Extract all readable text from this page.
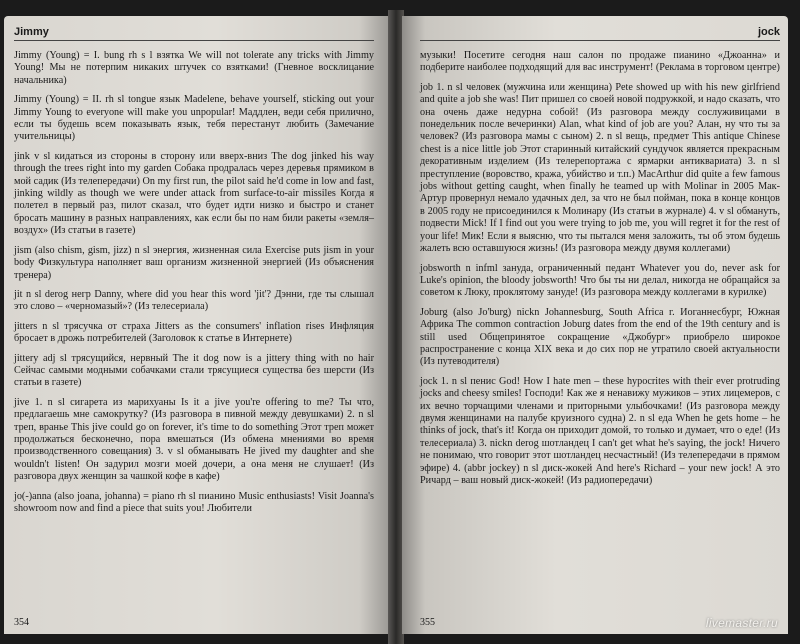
Jimmy

Jimmy (Young) = I. bung rh s l взятка We will not tolerate any tricks with Jimmy Young! Мы не потерпим никаких штучек со взятками! (Гневное восклицание начальника)

Jimmy (Young) = II. rh sl tongue язык Madelene, behave yourself, sticking out your Jimmy Young to everyone will make you unpopular! Маддлен, веди себя прилично, если ты будешь всем показывать язык, тебя перестанут любить (Замечание учительницы)

jink v sl кидаться из стороны в сторону или вверх-вниз The dog jinked his way through the trees right into my garden Собака продралась через деревья прямиком в мой садик (Из телепередачи) On my first run, the pilot said he'd come in low and fast, jinking wildly as though we were under attack from surface-to-air missiles Когда я полетел в первый раз, пилот сказал, что будет идти низко и быстро и станет бросать машину в разных направлениях, как если бы по нам били ракеты «земля–воздух» (Из статьи в газете)

jism (also chism, gism, jizz) n sl энергия, жизненная сила Exercise puts jism in your body Физкультура наполняет ваш организм жизненной энергией (Из объяснения тренера)

jit n sl derog негр Danny, where did you hear this word 'jit'? Дэнни, где ты слышал это слово – «черномазый»? (Из телесериала)

jitters n sl трясучка от страха Jitters as the consumers' inflation rises Инфляция бросает в дрожь потребителей (Заголовок к статье в Интернете)

jittery adj sl трясущийся, нервный The it dog now is a jittery thing with no hair Сейчас самыми модными собачками стали трясущиеся существа без шерсти (Из статьи в газете)

jive 1. n sl сигарета из марихуаны Is it a jive you're offering to me? Ты что, предлагаешь мне самокрутку? (Из разговора в пивной между девушками) 2. n sl треп, вранье This jive could go on forever, it's time to do something Этот треп может продолжаться бесконечно, пора вмешаться (Из обмена мнениями во время производственного совещания) 3. v sl обманывать He jived my daughter and she wouldn't listen! Он задурил мозги моей дочери, а она меня не слушает! (Из разговора двух женщин за чашкой кофе в кафе)

jo(-)anna (also joana, johanna) = piano rh sl пианино Music enthusiasts! Visit Joanna's showroom now and find a piece that suits you! Любители

354
jock

музыки! Посетите сегодня наш салон по продаже пианино «Джоанна» и подберите наиболее подходящий для вас инструмент! (Реклама в торговом центре)

job 1. n sl человек (мужчина или женщина) Pete showed up with his new girlfriend and quite a job she was! Пит пришел со своей новой подружкой, и надо сказать, что она очень даже недурна собой! (Из разговора между сослуживицами в понедельник после вечеринки) Alan, what kind of job are you? Алан, ну что ты за человек? (Из разговора мамы с сыном) 2. n sl вещь, предмет This antique Chinese chest is a nice little job Этот старинный китайский сундучок является прекрасным декоративным изделием (Из телерепортажа с ярмарки антиквариата) 3. n sl преступление (воровство, кража, убийство и т.п.) MacArthur did quite a few famous jobs without getting caught, when finally he teamed up with Molinar in 2005 Мак-Артур провернул немало удачных дел, за что не был пойман, пока в конце концов в 2005 году не присоединился к Молинару (Из статьи в журнале) 4. v sl обмануть, подвести Mick! If I find out you were trying to job me, you will regret it for the rest of your life! Мик! Если я выясню, что ты пытался меня заложить, ты об этом будешь жалеть всю оставшуюся жизнь! (Из разговора между двумя коллегами)

jobsworth n infml зануда, ограниченный педант Whatever you do, never ask for Luke's opinion, the bloody jobsworth! Что бы ты ни делал, никогда не обращайся за советом к Люку, проклятому зануде! (Из разговора между коллегами в курилке)

Joburg (also Jo'burg) nickn Johannesburg, South Africa г. Иоганнесбург, Южная Африка The common contraction Joburg dates from the end of the 19th century and is still used Общепринятое сокращение «Джобург» приобрело широкое распространение с конца XIX века и до сих пор не утратило своей актуальности (Из путеводителя)

jock 1. n sl пенис God! How I hate men – these hypocrites with their ever protruding jocks and cheesy smiles! Господи! Как же я ненавижу мужиков – этих лицемеров, с их вечно торчащими членами и приторными улыбочками! (Из разговора между двумя женщинами на палубе круизного судна) 2. n sl еда When he gets home – he thinks of jock, that's it! Когда он приходит домой, то только и думает, что о еде! (Из телесериала) 3. nickn derog шотландец I can't get what he's saying, the jock! Ничего не понимаю, что говорит этот шотландец несчастный! (Из телепередачи в прямом эфире) 4. (abbr jockey) n sl диск-жокей And here's Richard – your new jock! А это Ричард – ваш новый диск-жокей! (Из радиопередачи)

355	livemaster.ru
